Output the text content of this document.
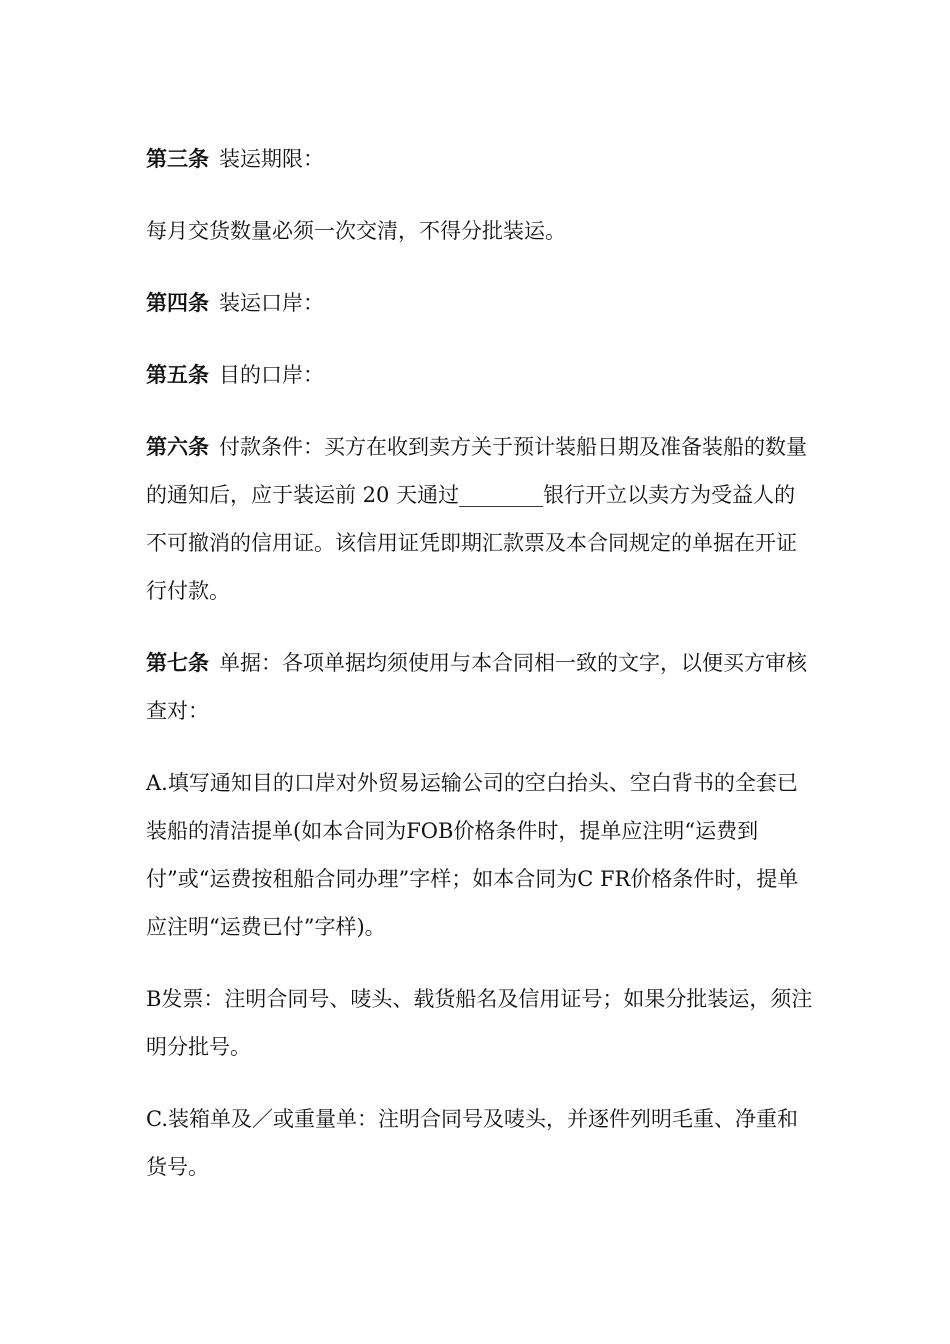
第三条 装运期限：

每月交货数量必须一次交清，不得分批装运。

第四条 装运口岸：

第五条 目的口岸：

第六条 付款条件：买方在收到卖方关于预计装船日期及准备装船的数量的通知后，应于装运前 20 天通过________银行开立以卖方为受益人的不可撤消的信用证。该信用证凭即期汇款票及本合同规定的单据在开证行付款。

第七条 单据：各项单据均须使用与本合同相一致的文字，以便买方审核查对：

A.填写通知目的口岸对外贸易运输公司的空白抬头、空白背书的全套已装船的清洁提单(如本合同为FOB价格条件时，提单应注明“运费到付”或“运费按租船合同办理”字样；如本合同为C FR价格条件时，提单应注明“运费已付”字样)。

B发票：注明合同号、唛头、载货船名及信用证号；如果分批装运，须注明分批号。

C.装箱单及／或重量单：注明合同号及唛头，并逐件列明毛重、净重和货号。
